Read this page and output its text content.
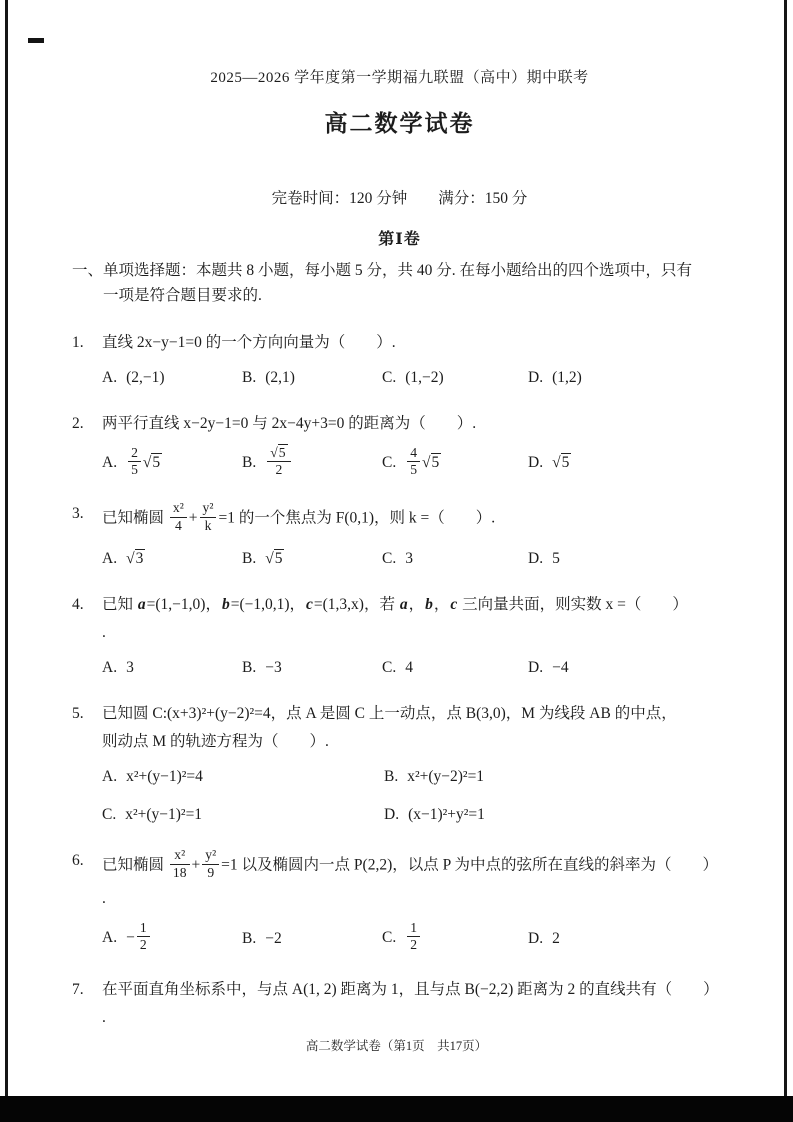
2025—2026 学年度第一学期福九联盟（高中）期中联考
高二数学试卷
完卷时间：120 分钟　　满分：150 分
第Ⅰ卷
一、单项选择题：本题共 8 小题，每小题 5 分，共 40 分. 在每小题给出的四个选项中，只有
一项是符合题目要求的.
1.	直线 2x−y−1=0 的一个方向向量为（　　）.
A. (2,−1)	B. (2,1)	C. (1,−2)	D. (1,2)
2.	两平行直线 x−2y−1=0 与 2x−4y+3=0 的距离为（　　）.
A. $\frac{2}{5} √5$	B. $\frac{√5}{2}$	C. $\frac{4}{5} √5$	D. √5
3.	已知椭圆 $\frac{\text{x²}}{4} + \frac{\text{y²}}{k} =1$ 的一个焦点为 F(0,1)，则 k =（　　）.
A. √3	B. √5	C. 3	D. 5
4.	已知 a=(1,−1,0)，b=(−1,0,1)，c=(1,3,x)，若 a，b，c 三向量共面，则实数 x =（　　）
.
A. 3	B. −3	C. 4	D. −4
5.	已知圆 C:(x+3)²+(y−2)²=4，点 A 是圆 C 上一动点，点 B(3,0)，M 为线段 AB 的中点，
则动点 M 的轨迹方程为（　　）.
A. x²+(y−1)²=4	B. x²+(y−2)²=1
C. x²+(y−1)²=1	D. (x−1)²+y²=1
6.	已知椭圆 $\frac{\text{x²}}{18} + \frac{\text{y²}}{9} =1$ 以及椭圆内一点 P(2,2)，以点 P 为中点的弦所在直线的斜率为（　　）
.
A. − $\frac{1}{2}$	B. −2	C. $\frac{1}{2}$	D. 2
7.	在平面直角坐标系中，与点 A(1, 2) 距离为 1，且与点 B(−2,2) 距离为 2 的直线共有（　　）
.
高二数学试卷（第1页　共17页）
